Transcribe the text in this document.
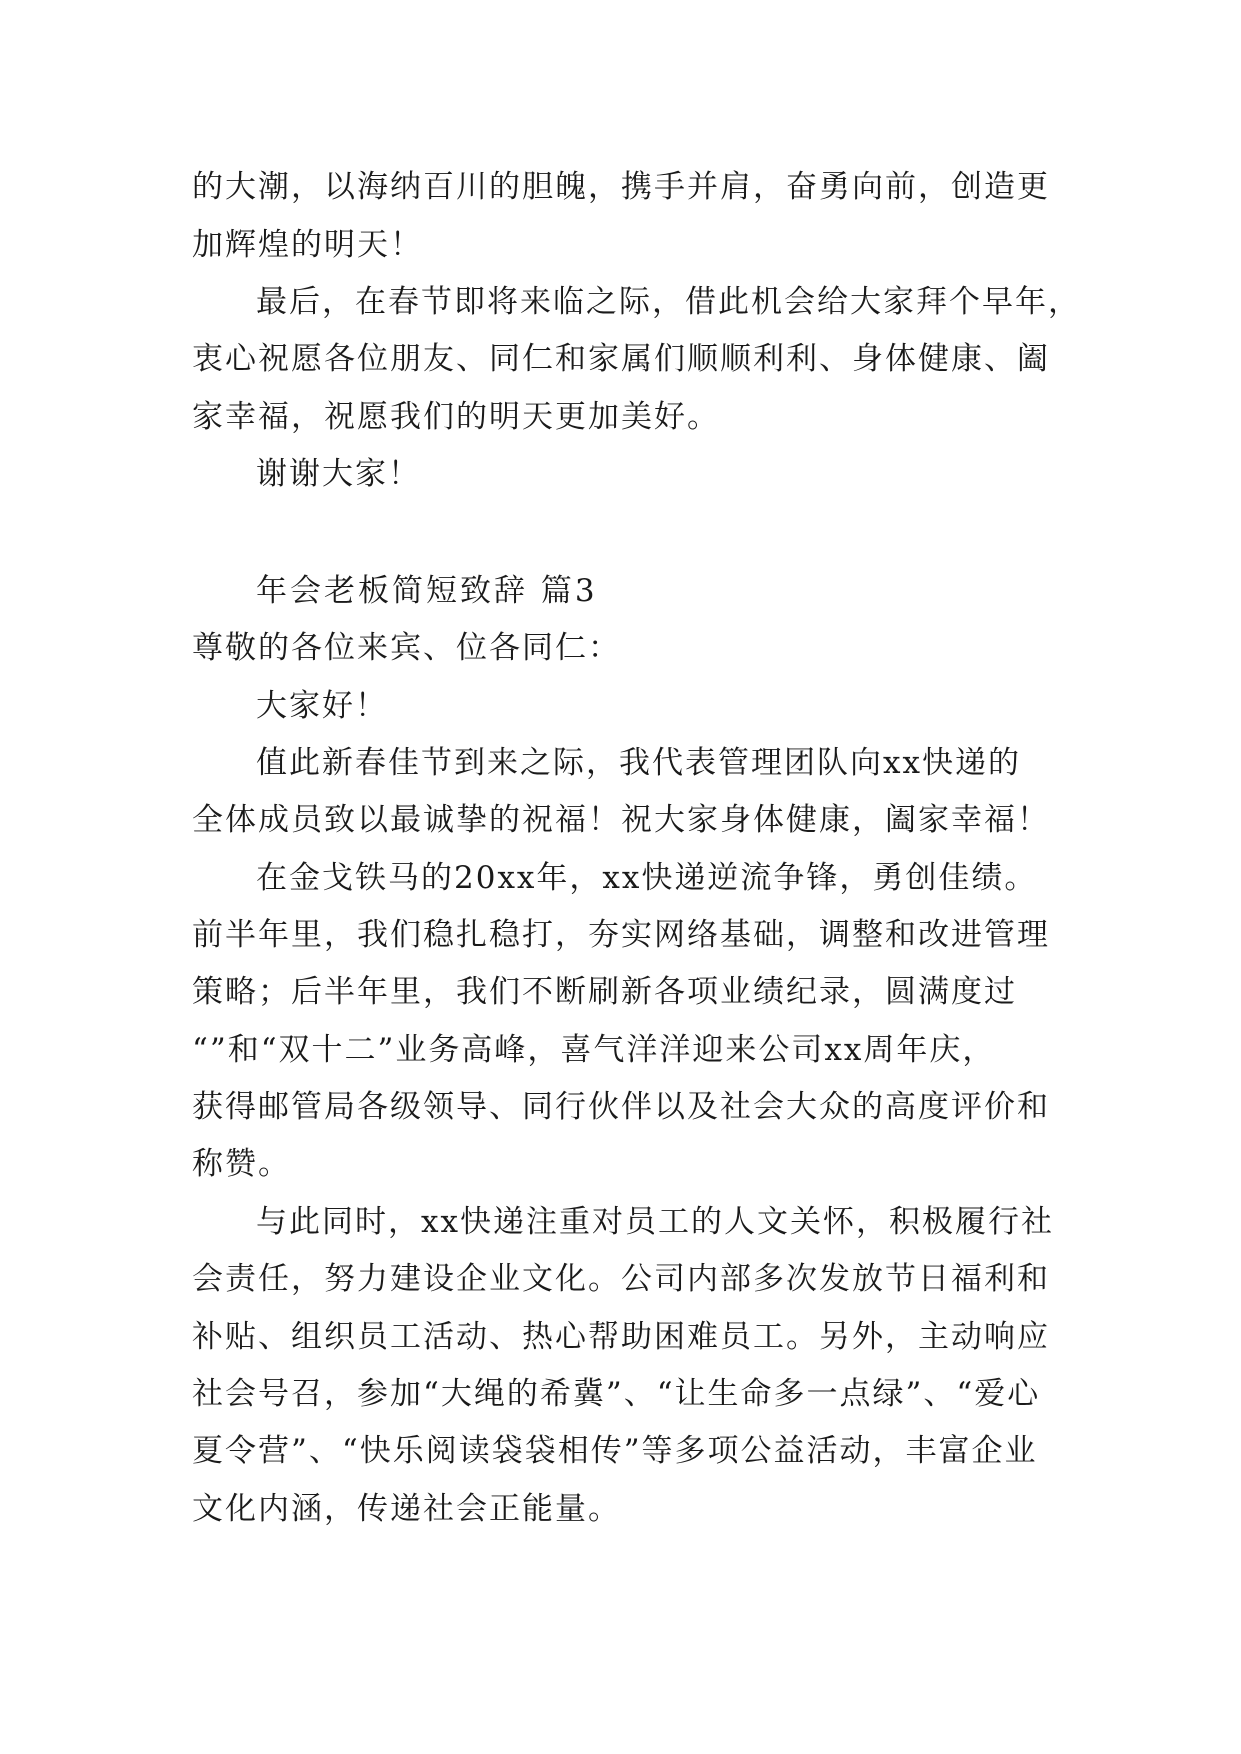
的大潮，以海纳百川的胆魄，携手并肩，奋勇向前，创造更
加辉煌的明天！
最后，在春节即将来临之际，借此机会给大家拜个早年，
衷心祝愿各位朋友、同仁和家属们顺顺利利、身体健康、阖
家幸福，祝愿我们的明天更加美好。
谢谢大家！
年会老板简短致辞 篇3
尊敬的各位来宾、位各同仁：
大家好！
值此新春佳节到来之际，我代表管理团队向xx快递的
全体成员致以最诚挚的祝福！祝大家身体健康，阖家幸福！
在金戈铁马的20xx年，xx快递逆流争锋，勇创佳绩。
前半年里，我们稳扎稳打，夯实网络基础，调整和改进管理
策略；后半年里，我们不断刷新各项业绩纪录，圆满度过
“”和“双十二”业务高峰，喜气洋洋迎来公司xx周年庆，
获得邮管局各级领导、同行伙伴以及社会大众的高度评价和
称赞。
与此同时，xx快递注重对员工的人文关怀，积极履行社
会责任，努力建设企业文化。公司内部多次发放节日福利和
补贴、组织员工活动、热心帮助困难员工。另外，主动响应
社会号召，参加“大绳的希冀”、“让生命多一点绿”、“爱心
夏令营”、“快乐阅读袋袋相传”等多项公益活动，丰富企业
文化内涵，传递社会正能量。
